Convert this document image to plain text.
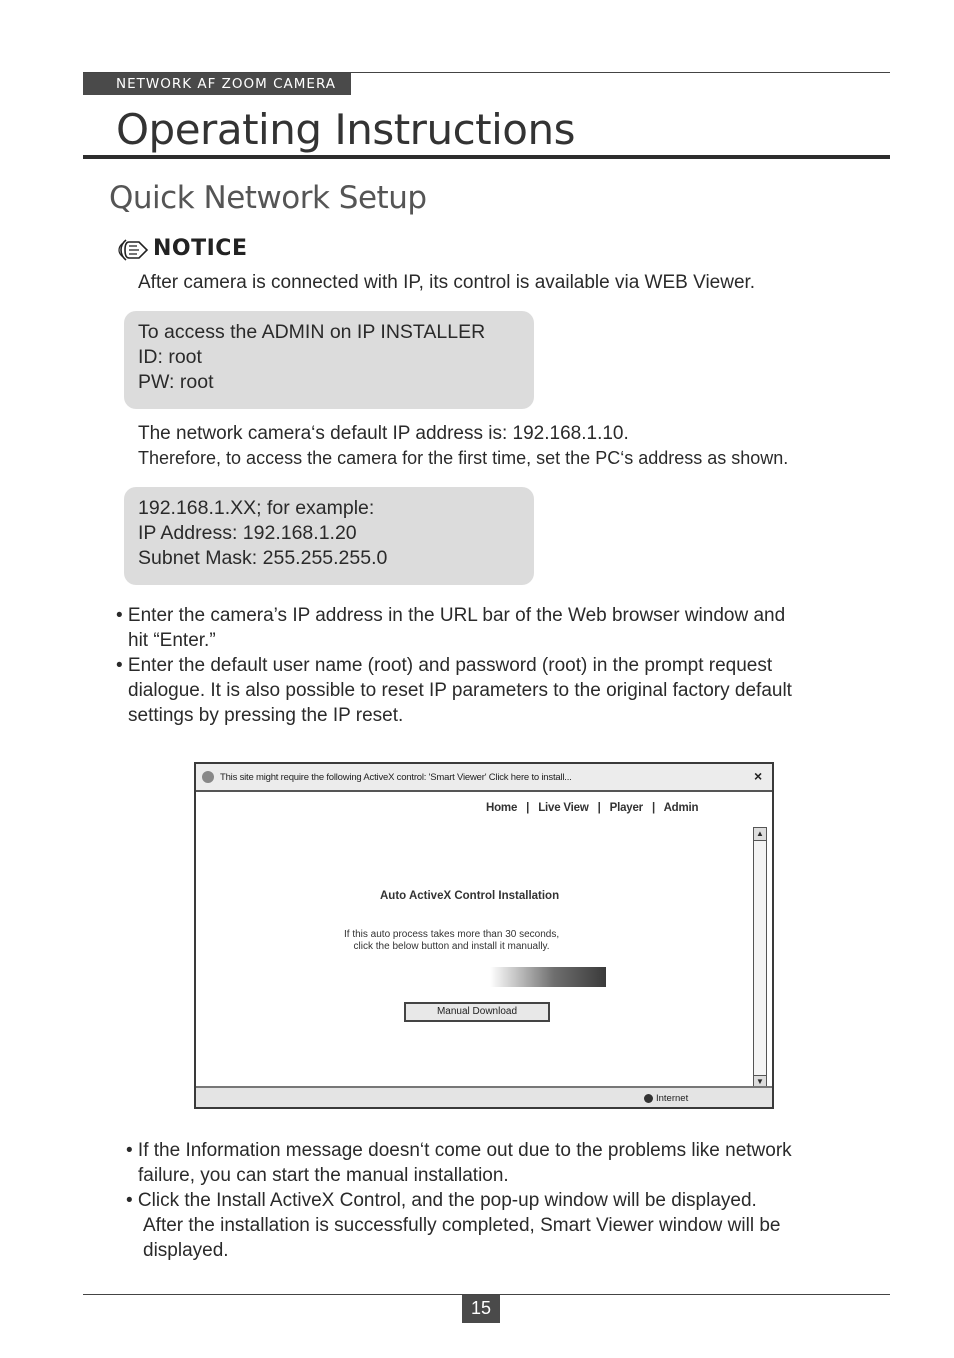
NETWORK AF ZOOM CAMERA
Operating Instructions
Quick Network Setup
NOTICE
After camera is connected with IP, its control is available via WEB Viewer.
To access the ADMIN on IP INSTALLER
ID: root
PW: root
The network camera‘s default IP address is: 192.168.1.10.
Therefore, to access the camera for the first time, set the PC‘s address as shown.
192.168.1.XX; for example:
IP Address: 192.168.1.20
Subnet Mask: 255.255.255.0
• Enter the camera’s IP address in the URL bar of the Web browser window and
hit “Enter.”
• Enter the default user name (root) and password (root) in the prompt request
dialogue. It is also possible to reset IP parameters to the original factory default
settings by pressing the IP reset.
This site might require the following ActiveX control: 'Smart Viewer' Click here to install...	×
Home | Live View | Player | Admin
▲
▼
Auto ActiveX Control Installation
If this auto process takes more than 30 seconds,
click the below button and install it manually.
Manual Download
Internet
• If the Information message doesn‘t come out due to the problems like network
failure, you can start the manual installation.
• Click the Install ActiveX Control, and the pop-up window will be displayed.
After the installation is successfully completed, Smart Viewer window will be
displayed.
15
